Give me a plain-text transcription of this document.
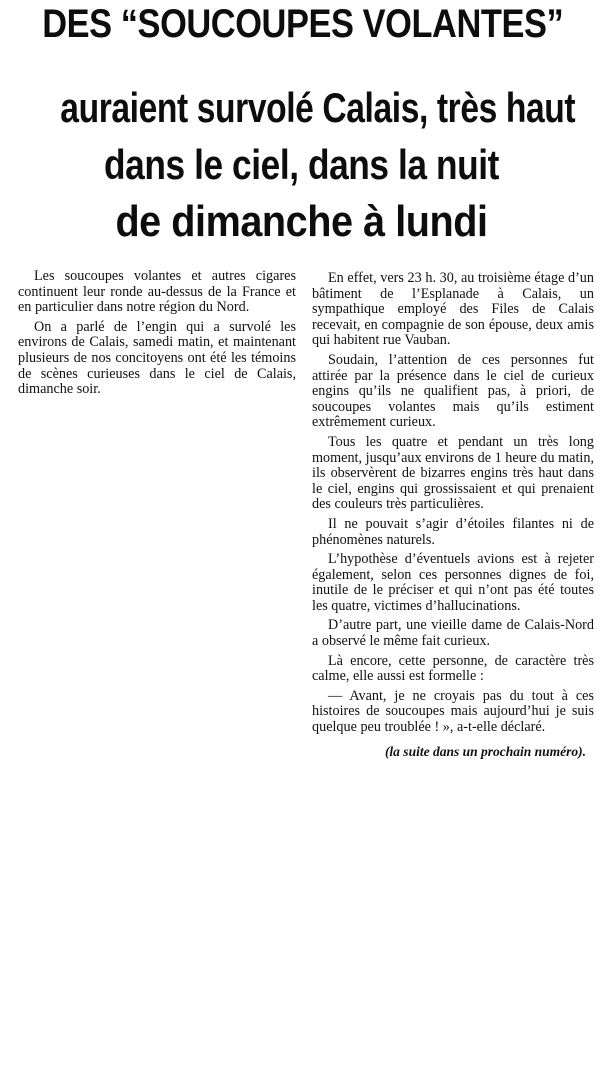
DES “SOUCOUPES VOLANTES”
auraient survolé Calais, très haut
dans le ciel, dans la nuit
de dimanche à lundi

Les soucoupes volantes et autres cigares continuent leur ronde au-dessus de la France et en particulier dans notre région du Nord.

On a parlé de l’engin qui a survolé les environs de Calais, samedi matin, et maintenant plusieurs de nos concitoyens ont été les témoins de scènes curieuses dans le ciel de Calais, dimanche soir.

En effet, vers 23 h. 30, au troisième étage d’un bâtiment de l’Esplanade à Calais, un sympathique employé des Files de Calais recevait, en compagnie de son épouse, deux amis qui habitent rue Vauban.

Soudain, l’attention de ces personnes fut attirée par la présence dans le ciel de curieux engins qu’ils ne qualifient pas, à priori, de soucoupes volantes mais qu’ils estiment extrêmement curieux.

Tous les quatre et pendant un très long moment, jusqu’aux environs de 1 heure du matin, ils observèrent de bizarres engins très haut dans le ciel, engins qui grossissaient et qui prenaient des couleurs très particulières.

Il ne pouvait s’agir d’étoiles filantes ni de phénomènes naturels.

L’hypothèse d’éventuels avions est à rejeter également, selon ces personnes dignes de foi, inutile de le préciser et qui n’ont pas été toutes les quatre, victimes d’hallucinations.

D’autre part, une vieille dame de Calais-Nord a observé le même fait curieux.

Là encore, cette personne, de caractère très calme, elle aussi est formelle :

— Avant, je ne croyais pas du tout à ces histoires de soucoupes mais aujourd’hui je suis quelque peu troublée ! », a-t-elle déclaré.

(la suite dans un prochain numéro).
